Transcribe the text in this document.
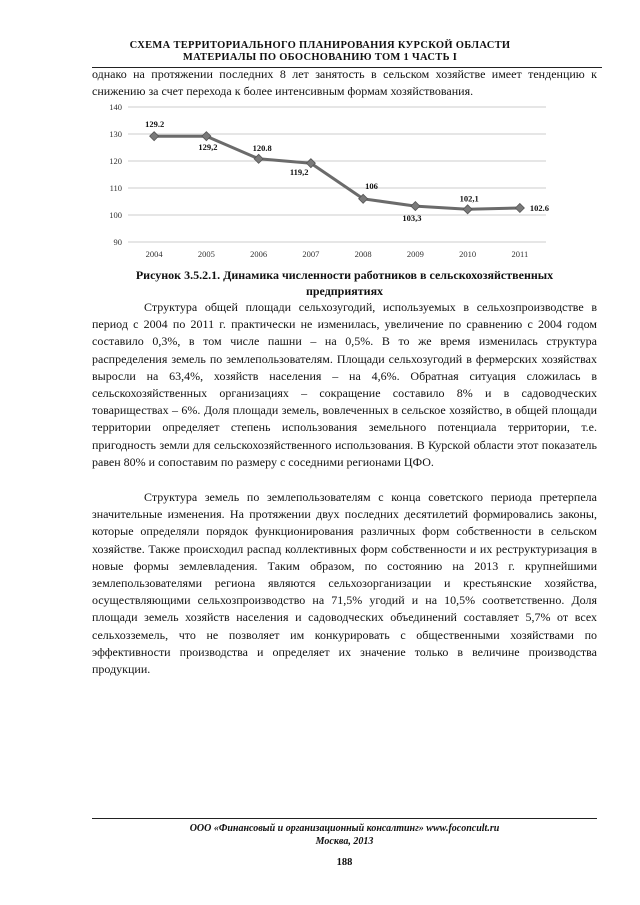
СХЕМА ТЕРРИТОРИАЛЬНОГО ПЛАНИРОВАНИЯ КУРСКОЙ ОБЛАСТИ
МАТЕРИАЛЫ ПО ОБОСНОВАНИЮ ТОМ 1 ЧАСТЬ I

однако на протяжении последних 8 лет занятость в сельском хозяйстве имеет тенденцию к снижению за счет перехода к более интенсивным формам хозяйствования.

90
100
110
120
130
140
2004	2005	2006	2007	2008	2009	2010	2011
129.2
129,2	120.8
119,2
106
103,3
102,1
102.6
Рисунок 3.5.2.1. Динамика численности работников в сельскохозяйственных
предприятиях

Структура общей площади сельхозугодий, используемых в сельхозпроизводстве в период с 2004 по 2011 г. практически не изменилась, увеличение по сравнению с 2004 годом составило 0,3%, в том числе пашни – на 0,5%. В то же время изменилась структура распределения земель по землепользователям. Площади сельхозугодий в фермерских хозяйствах выросли на 63,4%, хозяйств населения – на 4,6%. Обратная ситуация сложилась в сельскохозяйственных организациях – сокращение составило 8% и в садоводческих товариществах – 6%. Доля площади земель, вовлеченных в сельское хозяйство, в общей площади территории определяет степень использования земельного потенциала территории, т.е. пригодность земли для сельскохозяйственного использования. В Курской области этот показатель равен 80% и сопоставим по размеру с соседними регионами ЦФО.

Структура земель по землепользователям с конца советского периода претерпела значительные изменения. На протяжении двух последних десятилетий формировались законы, которые определяли порядок функционирования различных форм собственности в сельском хозяйстве. Также происходил распад коллективных форм собственности и их реструктуризация в новые формы землевладения. Таким образом, по состоянию на 2013 г. крупнейшими землепользователями региона являются сельхозорганизации и крестьянские хозяйства, осуществляющими сельхозпроизводство на 71,5% угодий и на 10,5% соответственно. Доля площади земель хозяйств населения и садоводческих объединений составляет 5,7% от всех сельхозземель, что не позволяет им конкурировать с общественными хозяйствами по эффективности производства и определяет их значение только в величине производства продукции.

ООО «Финансовый и организационный консалтинг» www.foconcult.ru
Москва, 2013
188
